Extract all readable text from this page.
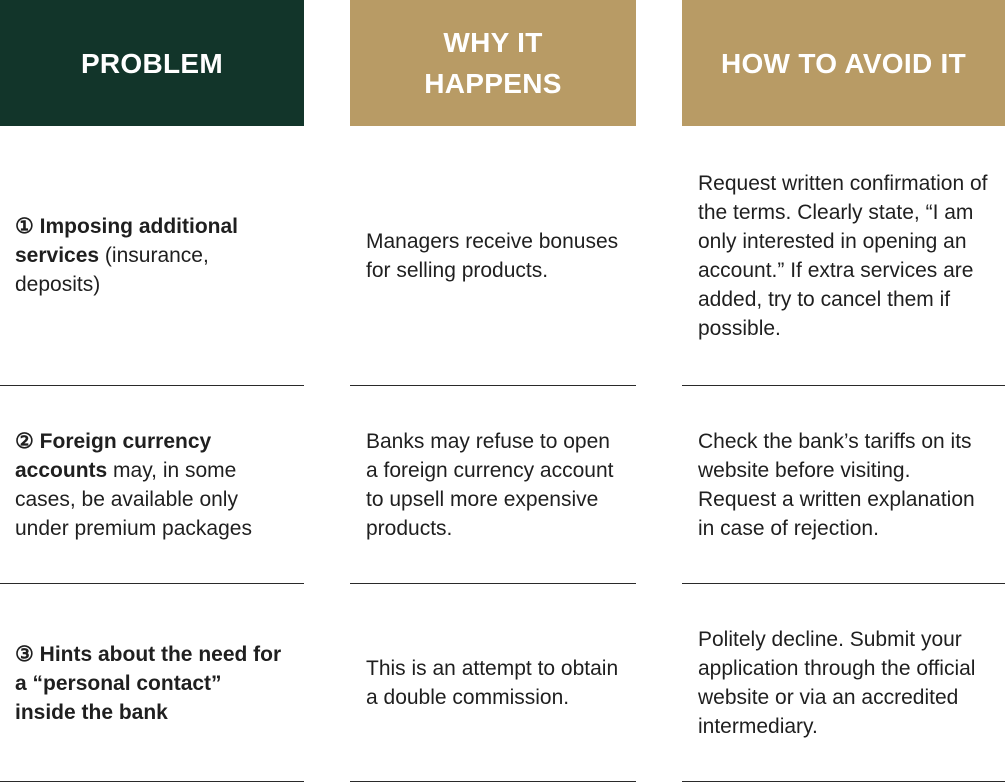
PROBLEM
WHY IT HAPPENS
HOW TO AVOID IT
① Imposing additional services (insurance, deposits)
Managers receive bonuses for selling products.
Request written confirmation of the terms. Clearly state, “I am only interested in opening an account.” If extra services are added, try to cancel them if possible.
② Foreign currency accounts may, in some cases, be available only under premium packages
Banks may refuse to open a foreign currency account to upsell more expensive products.
Check the bank’s tariffs on its website before visiting. Request a written explanation in case of rejection.
③ Hints about the need for a “personal contact” inside the bank
This is an attempt to obtain a double commission.
Politely decline. Submit your application through the official website or via an accredited intermediary.
